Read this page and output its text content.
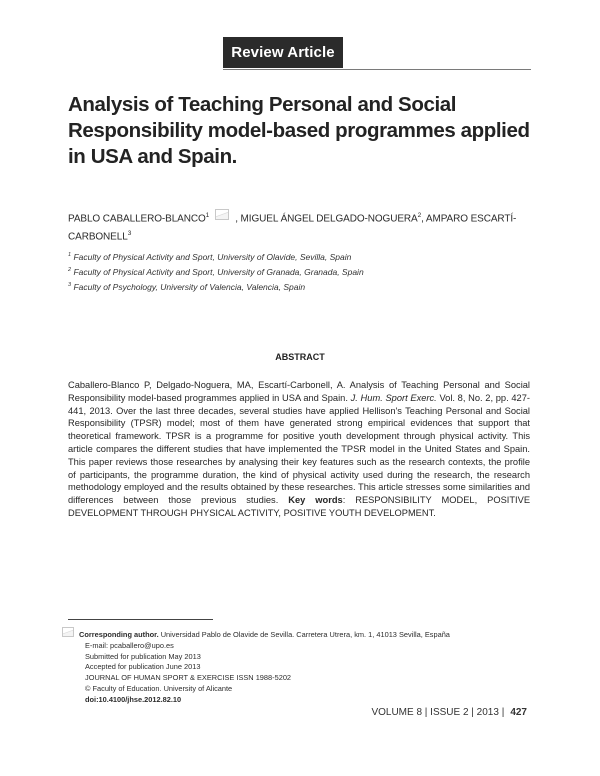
Review Article
Analysis of Teaching Personal and Social Responsibility model-based programmes applied in USA and Spain.
PABLO CABALLERO-BLANCO$^1$	, MIGUEL ÁNGEL DELGADO-NOGUERA$^2$, AMPARO ESCARTÍ-CARBONELL$^3$
$^1$ Faculty of Physical Activity and Sport, University of Olavide, Sevilla, Spain
$^2$ Faculty of Physical Activity and Sport, University of Granada, Granada, Spain
$^3$ Faculty of Psychology, University of Valencia, Valencia, Spain
ABSTRACT
Caballero-Blanco P, Delgado-Noguera, MA, Escartí-Carbonell, A. Analysis of Teaching Personal and Social Responsibility model-based programmes applied in USA and Spain. J. Hum. Sport Exerc. Vol. 8, No. 2, pp. 427-441, 2013. Over the last three decades, several studies have applied Hellison's Teaching Personal and Social Responsibility (TPSR) model; most of them have generated strong empirical evidences that support that theoretical framework. TPSR is a programme for positive youth development through physical activity. This article compares the different studies that have implemented the TPSR model in the United States and Spain. This paper reviews those researches by analysing their key features such as the research contexts, the profile of participants, the programme duration, the kind of physical activity used during the research, the research methodology employed and the results obtained by these researches. This article stresses some similarities and differences between those previous studies. Key words: RESPONSIBILITY MODEL, POSITIVE DEVELOPMENT THROUGH PHYSICAL ACTIVITY, POSITIVE YOUTH DEVELOPMENT.
Corresponding author. Universidad Pablo de Olavide de Sevilla. Carretera Utrera, km. 1, 41013 Sevilla, España
E-mail: pcaballero@upo.es
Submitted for publication May 2013
Accepted for publication June 2013
JOURNAL OF HUMAN SPORT & EXERCISE ISSN 1988-5202
© Faculty of Education. University of Alicante
doi:10.4100/jhse.2012.82.10
VOLUME 8 | ISSUE 2 | 2013 | 427
